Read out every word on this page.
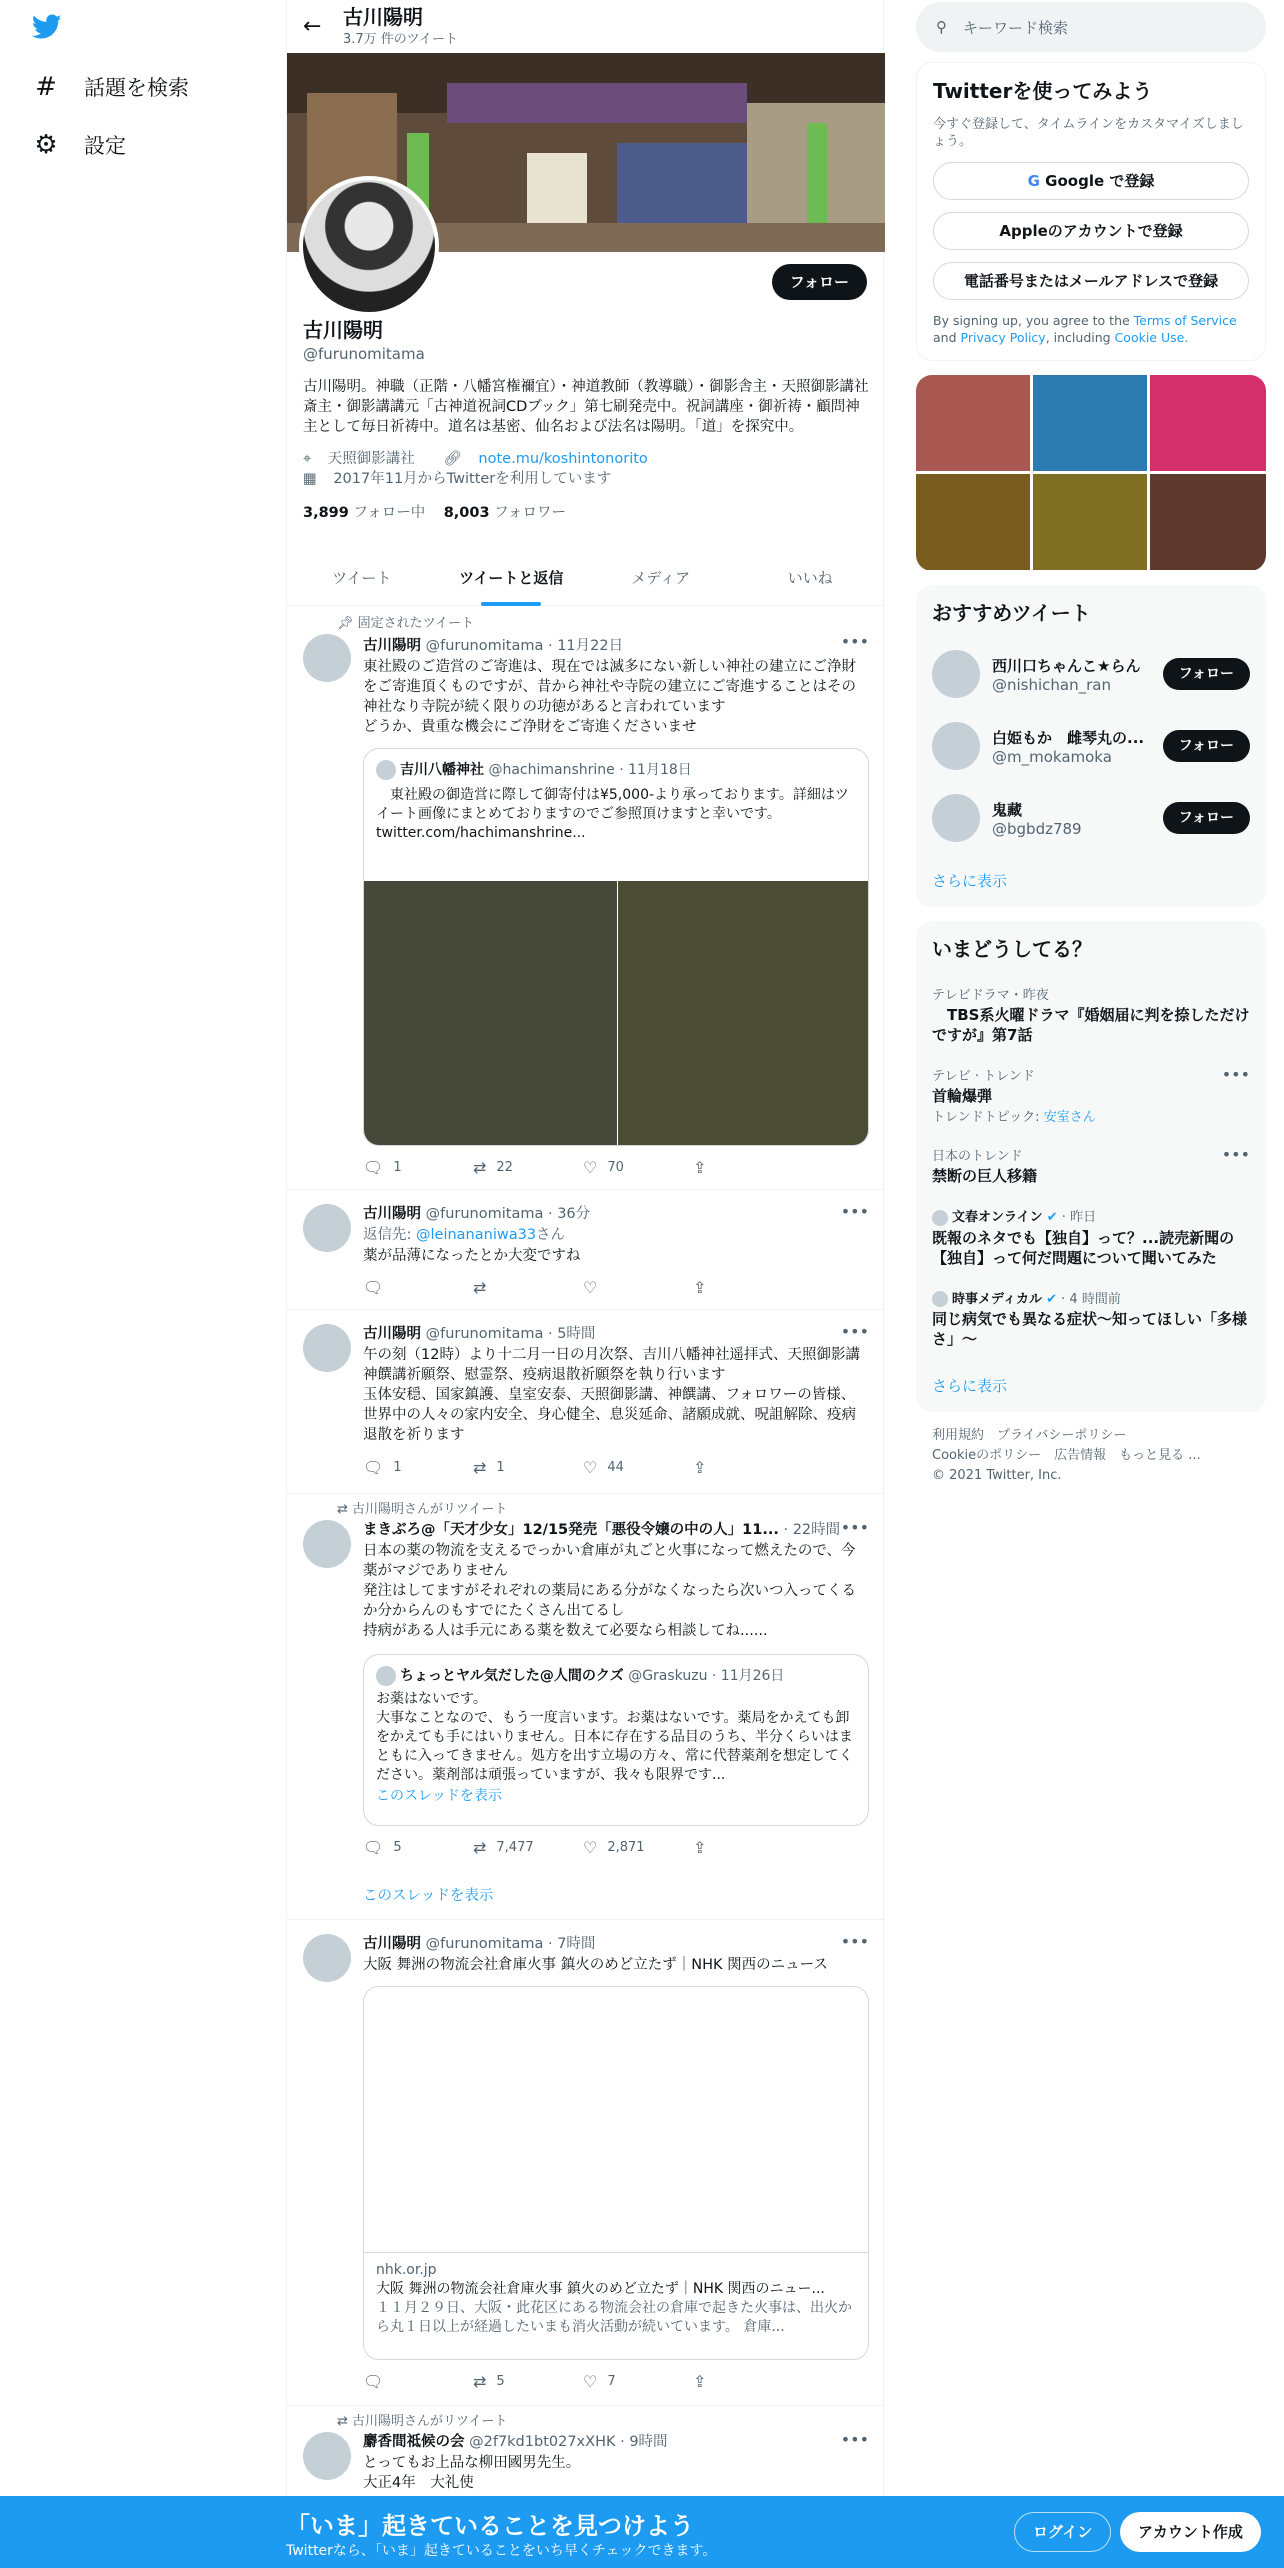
# 話題を検索
⚙ 設定
←	古川陽明
3.7万 件のツイート
フォロー
古川陽明
@furunomitama
古川陽明。神職（正階・八幡宮権禰宜）・神道教師（教導職）・御影舎主・天照御影講社斎主・御影講講元「古神道祝詞CDブック」第七刷発売中。祝詞講座・御祈祷・顧問神主として毎日祈祷中。道名は基密、仙名および法名は陽明。「道」を探究中。
⌖ 天照御影講社 🔗︎ note.mu/koshintonorito
▦ 2017年11月からTwitterを利用しています
3,899 フォロー中 8,003 フォロワー
ツイート	ツイートと返信	メディア	いいね
📌︎ 固定されたツイート
•••
古川陽明 @furunomitama · 11月22日
東社殿のご造営のご寄進は、現在では滅多にない新しい神社の建立にご浄財をご寄進頂くものですが、昔から神社や寺院の建立にご寄進することはその神社なり寺院が続く限りの功徳があると言われています
どうか、貴重な機会にご浄財をご寄進くださいませ
吉川八幡神社 @hachimanshrine · 11月18日
　東社殿の御造営に際して御寄付は¥5,000-より承っております。詳細はツイート画像にまとめておりますのでご参照頂けますと幸いです。
twitter.com/hachimanshrine...
🗨︎ 1	⇄ 22	♡ 70	⇪
•••
古川陽明 @furunomitama · 36分
返信先: @leinananiwa33さん
薬が品薄になったとか大変ですね
🗨︎	⇄	♡	⇪
•••
古川陽明 @furunomitama · 5時間
午の刻（12時）より十二月一日の月次祭、吉川八幡神社遥拝式、天照御影講神饌講祈願祭、慰霊祭、疫病退散祈願祭を執り行います
玉体安穏、国家鎮護、皇室安泰、天照御影講、神饌講、フォロワーの皆様、世界中の人々の家内安全、身心健全、息災延命、諸願成就、呪詛解除、疫病退散を祈ります
🗨︎ 1	⇄ 1	♡ 44	⇪
⇄ 古川陽明さんがリツイート
•••
まきぶろ@「天才少女」12/15発売「悪役令嬢の中の人」11... · 22時間
日本の薬の物流を支えるでっかい倉庫が丸ごと火事になって燃えたので、今薬がマジでありません
発注はしてますがそれぞれの薬局にある分がなくなったら次いつ入ってくるか分からんのもすでにたくさん出てるし
持病がある人は手元にある薬を数えて必要なら相談してね......
ちょっとヤル気だした@人間のクズ @Graskuzu · 11月26日
お薬はないです。
大事なことなので、もう一度言います。お薬はないです。薬局をかえても卸をかえても手にはいりません。日本に存在する品目のうち、半分くらいはまともに入ってきません。処方を出す立場の方々、常に代替薬剤を想定してください。薬剤部は頑張っていますが、我々も限界です...
このスレッドを表示
🗨︎ 5	⇄ 7,477	♡ 2,871	⇪
このスレッドを表示
•••
古川陽明 @furunomitama · 7時間
大阪 舞洲の物流会社倉庫火事 鎮火のめど立たず｜NHK 関西のニュース
nhk.or.jp
大阪 舞洲の物流会社倉庫火事 鎮火のめど立たず｜NHK 関西のニュー...
１１月２９日、大阪・此花区にある物流会社の倉庫で起きた火事は、出火から丸１日以上が経過したいまも消火活動が続いています。 倉庫...
🗨︎	⇄ 5	♡ 7	⇪
⇄ 古川陽明さんがリツイート
•••
麝香間祗候の会 @2f7kd1bt027xXHK · 9時間
とってもお上品な柳田國男先生。
大正4年　大礼使
⚲ キーワード検索
Twitterを使ってみよう
今すぐ登録して、タイムラインをカスタマイズしましょう。
G Google で登録
Appleのアカウントで登録
電話番号またはメールアドレスで登録
By signing up, you agree to the Terms of Service and Privacy Policy, including Cookie Use.
おすすめツイート
西川口ちゃんこ★らん
@nishichan_ran
フォロー
白姫もか　雌琴丸の...
@m_mokamoka
フォロー
鬼藏
@bgbdz789
フォロー
さらに表示
いまどうしてる？
テレビドラマ・昨夜
　TBS系火曜ドラマ『婚姻届に判を捺しただけですが』第7話
テレビ · トレンド
首輪爆弾
トレンドトピック: 安室さん
•••
日本のトレンド
禁断の巨人移籍
•••
文春オンライン ✔ · 昨日
既報のネタでも【独自】って？...読売新聞の【独自】って何だ問題について聞いてみた
時事メディカル ✔ · 4 時間前
同じ病気でも異なる症状～知ってほしい「多様さ」～
さらに表示
利用規約　プライバシーポリシー
Cookieのポリシー　広告情報　もっと見る ...
© 2021 Twitter, Inc.
「いま」起きていることを見つけよう
Twitterなら、「いま」起きていることをいち早くチェックできます。
ログイン	アカウント作成
